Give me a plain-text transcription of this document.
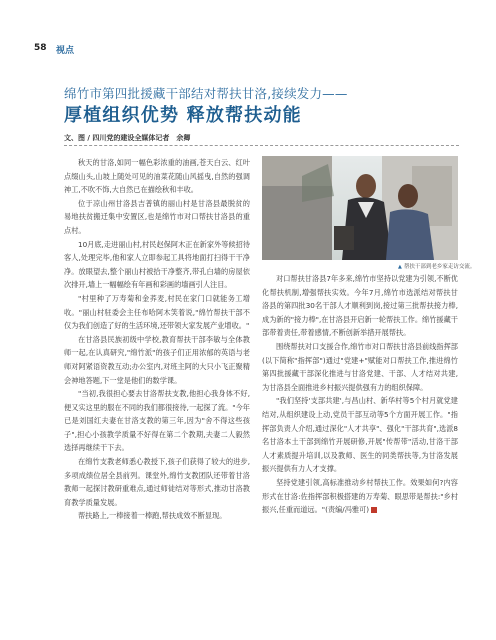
58 视点
绵竹市第四批援藏干部结对帮扶甘洛,接续发力——
厚植组织优势 释放帮扶动能
文、图 / 四川党的建设全媒体记者　余卿

秋天的甘洛,如同一幅色彩浓重的油画,苍天白云、红叶点缀山头,山坡上随处可见的油菜花随山风摇曳,自然的强调神工,不吹不饰,大自然已在描绘秋和丰收。

位于凉山州甘洛县吉普镇的丽山村是甘洛县最脱贫的易地扶贫搬迁集中安置区,也是绵竹市对口帮扶甘洛县的重点村。

10月底,走进丽山村,村民赵保阿木正在新家外等候招待客人,处理完毕,他和家人立即参起工具将地面打扫得干干净净。放眼望去,整个丽山村被拾干净整齐,带孔白墙的房屋依次排开,墙上一幅幅绘有年画和彩画的墙画引人注目。

"村里种了万寿菊和金荞麦,村民在家门口就能务工增收。"丽山村驻委会主任布哈阿木笑着说,"绵竹帮扶干部不仅为我们创造了好的生活环境,还带领大家发展产业增收。"

在甘洛县民族初级中学校,教育帮扶干部李敏与全体教师一起,在认真研究,"绵竹派"的孩子们正用浓郁的英语与老师对阿紧语资教互动;办公室内,对班主阿的大只小飞正聚精会神地答题,下一堂是他们的数学课。

"当初,我很担心要去甘洛帮扶支教,他担心我身体不好,便又实这里的服在不同的我们都很接待,一起探了流。"今年已是刘国红夫妻在甘洛支教的第三年,因为"舍不得这些孩子",担心小孩教学质量不好得在第二个教期,夫妻二人毅然选择再继续干下去。

在绵竹支教老师悉心教授下,孩子们获得了较大的进步,多项成绩位居全县前列。课堂外,绵竹支教团队还带着甘洛教师一起探讨教研重难点,通过师徒结对等形式,推动甘洛教育教学质量发展。

帮扶路上,一棒接着一棒跑,帮扶成效不断显现。

▲ 帮扶干部到老乡家走访交流。

对口帮扶甘洛县7年多来,绵竹市坚持以党建为引领,不断优化帮扶机制,增强帮扶实效。今年7月,绵竹市选派结对帮扶甘洛县的第四批30名干部人才顺利到岗,接过第三批帮扶接力棒,成为新的"接力棒",在甘洛县开启新一轮帮扶工作。绵竹援藏干部带着责任,带着感情,不断创新举措开展帮扶。

围绕帮扶对口支援合作,绵竹市对口帮扶甘洛县前线指挥部(以下简称"指挥部")通过"党建+"赋能对口帮扶工作,推进绵竹第四批援藏干部深化推进与甘洛党建、干部、人才结对共建,为甘洛县全面推进乡村振兴提供强有力的组织保障。

"我们坚持'支部共建',与昌山村、新华村等5个村月就党建结对,从组织建设上动,党员干部互动等5个方面开展工作。"指挥部负责人介绍,通过深化"人才共享"、强化"干部共育",选派8名甘洛本土干部到绵竹开展研修,开展"传帮带"活动,甘洛干部人才素质提升培训,以及教师、医生的同类帮扶等,为甘洛发展振兴提供有力人才支撑。

坚持党建引领,高标准推动乡村帮扶工作。效果如何?内容形式在甘洛:佐指挥部积极搭建的万寿菊、眼思带是帮扶:"乡村振兴,任重而道远。"(责编/冯雅可)
